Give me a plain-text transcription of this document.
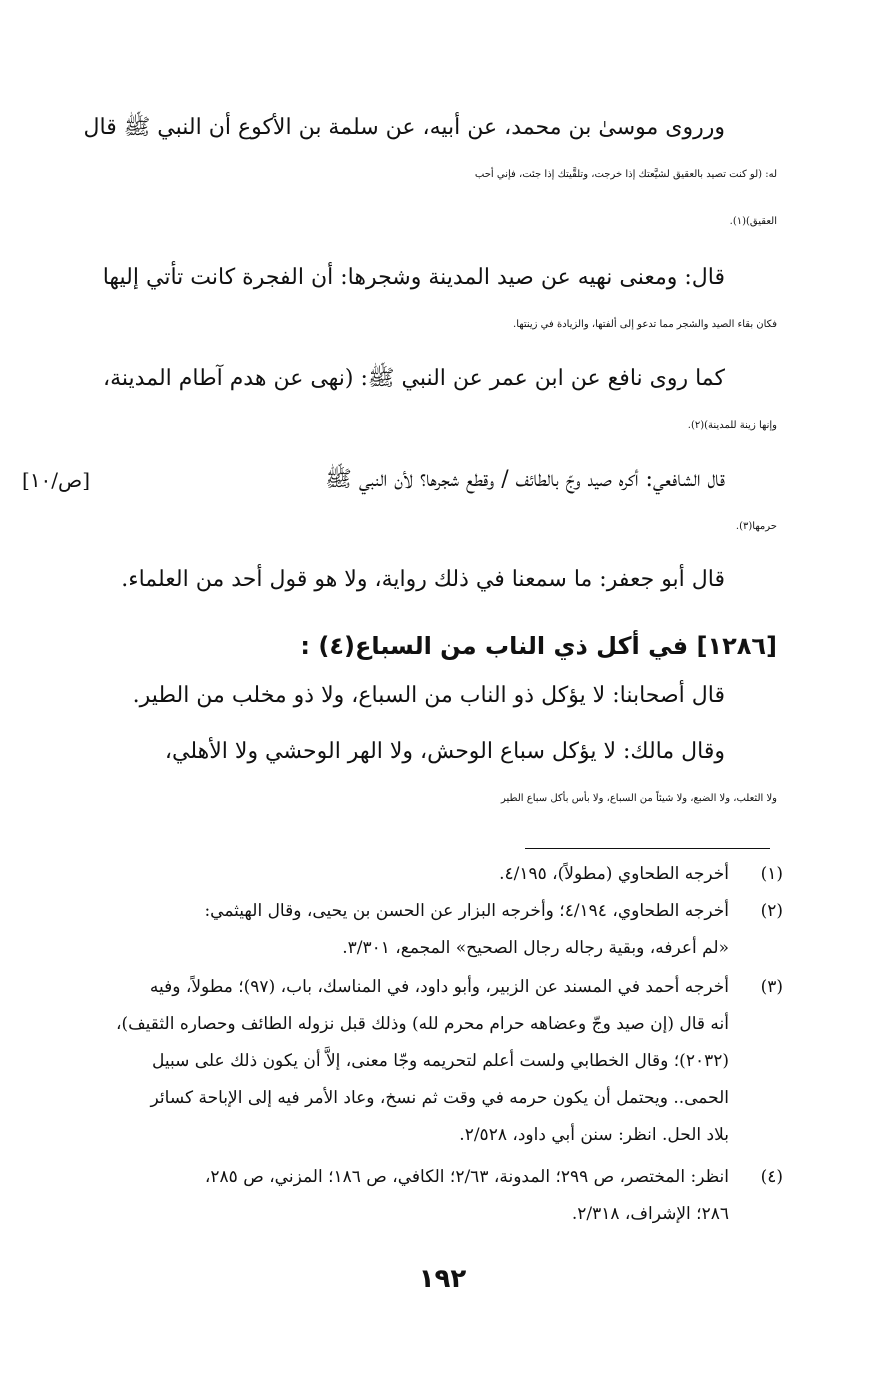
ورروى موسىٰ بن محمد، عن أبيه، عن سلمة بن الأكوع أن النبي ﷺ قال
له: (لو كنت تصيد بالعقيق لشيَّعتك إذا خرجت، وتلقَّيتك إذا جئت، فإني أحب
العقيق)(١).

قال: ومعنى نهيه عن صيد المدينة وشجرها: أن الفجرة كانت تأتي إليها
فكان بقاء الصيد والشجر مما تدعو إلى ألفتها، والزيادة في زينتها.

كما روى نافع عن ابن عمر عن النبي ﷺ: (نهى عن هدم آطام المدينة،
وإنها زينة للمدينة)(٢).

[ص/١٠]	قال الشافعي: أكره صيد وجّ بالطائف / وقطع شجرها؟ لأن النبي ﷺ
حرمها(٣).

قال أبو جعفر: ما سمعنا في ذلك رواية، ولا هو قول أحد من العلماء.

[١٢٨٦] في أكل ذي الناب من السباع(٤) :

قال أصحابنا: لا يؤكل ذو الناب من السباع، ولا ذو مخلب من الطير.

وقال مالك: لا يؤكل سباع الوحش، ولا الهر الوحشي ولا الأهلي،
ولا الثعلب، ولا الضبع، ولا شيئاً من السباع، ولا بأس بأكل سباع الطير

(١)
أخرجه الطحاوي (مطولاً)، ٤/١٩٥.
(٢)
أخرجه الطحاوي، ٤/١٩٤؛ وأخرجه البزار عن الحسن بن يحيى، وقال الهيثمي:
«لم أعرفه، وبقية رجاله رجال الصحيح» المجمع، ٣/٣٠١.
(٣)
أخرجه أحمد في المسند عن الزبير، وأبو داود، في المناسك، باب، (٩٧)؛ مطولاً، وفيه
أنه قال (إن صيد وجّ وعضاهه حرام محرم لله) وذلك قبل نزوله الطائف وحصاره الثقيف)،
(٢٠٣٢)؛ وقال الخطابي ولست أعلم لتحريمه وجّا معنى، إلاَّ أن يكون ذلك على سبيل
الحمى.. ويحتمل أن يكون حرمه في وقت ثم نسخ، وعاد الأمر فيه إلى الإباحة كسائر
بلاد الحل. انظر: سنن أبي داود، ٢/٥٢٨.
(٤)
انظر: المختصر، ص ٢٩٩؛ المدونة، ٢/٦٣؛ الكافي، ص ١٨٦؛ المزني، ص ٢٨٥،
٢٨٦؛ الإشراف، ٢/٣١٨.
١٩٢
